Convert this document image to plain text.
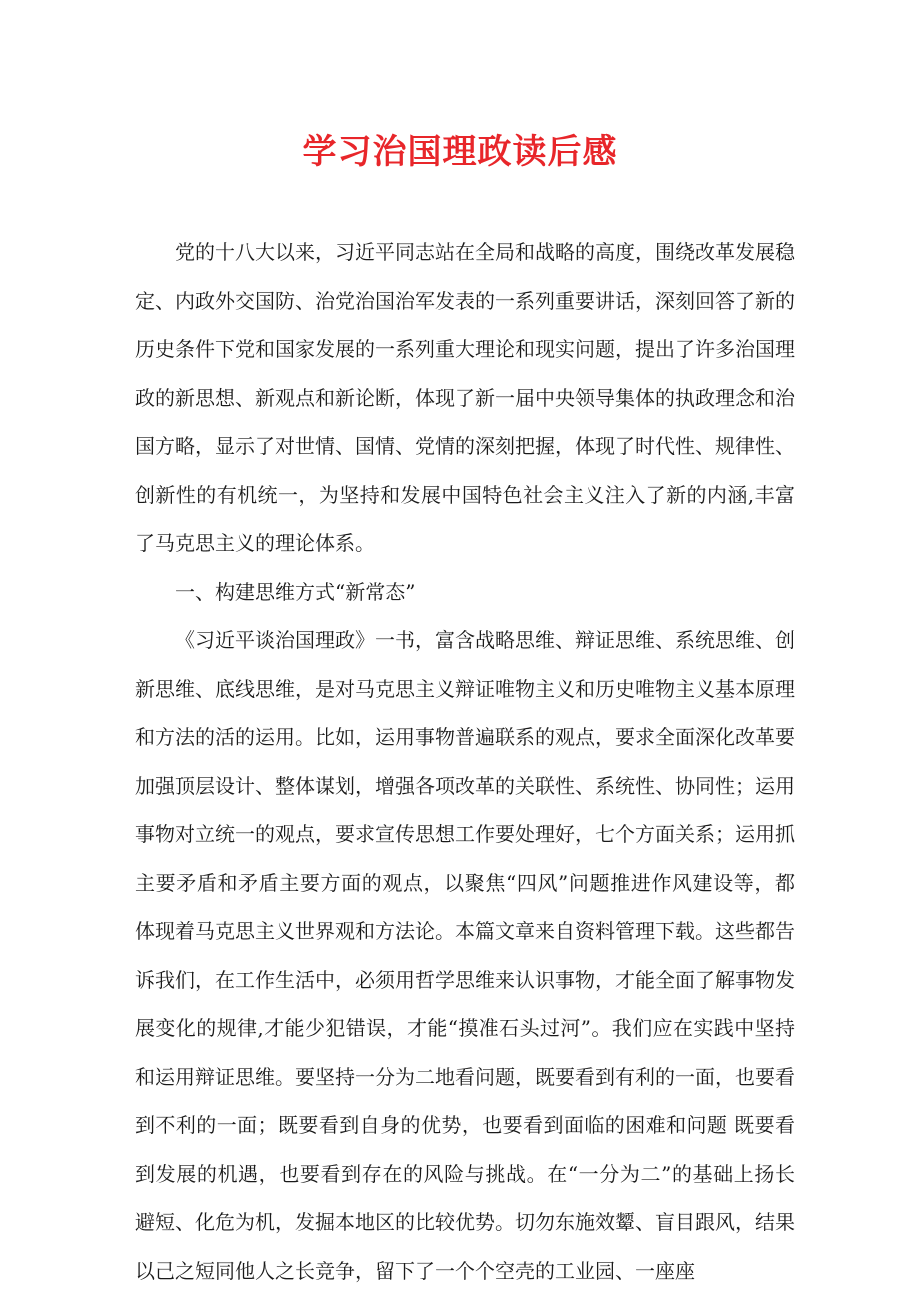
学习治国理政读后感

党的十八大以来，习近平同志站在全局和战略的高度，围绕改革发展稳定、内政外交国防、治党治国治军发表的一系列重要讲话，深刻回答了新的历史条件下党和国家发展的一系列重大理论和现实问题，提出了许多治国理政的新思想、新观点和新论断，体现了新一届中央领导集体的执政理念和治国方略，显示了对世情、国情、党情的深刻把握，体现了时代性、规律性、创新性的有机统一，为坚持和发展中国特色社会主义注入了新的内涵,丰富了马克思主义的理论体系。

一、构建思维方式“新常态”

《习近平谈治国理政》一书，富含战略思维、辩证思维、系统思维、创新思维、底线思维，是对马克思主义辩证唯物主义和历史唯物主义基本原理和方法的活的运用。比如，运用事物普遍联系的观点，要求全面深化改革要加强顶层设计、整体谋划，增强各项改革的关联性、系统性、协同性；运用事物对立统一的观点，要求宣传思想工作要处理好，七个方面关系；运用抓主要矛盾和矛盾主要方面的观点，以聚焦“四风”问题推进作风建设等，都体现着马克思主义世界观和方法论。本篇文章来自资料管理下载。这些都告诉我们，在工作生活中，必须用哲学思维来认识事物，才能全面了解事物发展变化的规律,才能少犯错误，才能“摸准石头过河”。我们应在实践中坚持和运用辩证思维。要坚持一分为二地看问题，既要看到有利的一面，也要看到不利的一面；既要看到自身的优势，也要看到面临的困难和问题 既要看到发展的机遇，也要看到存在的风险与挑战。在“一分为二”的基础上扬长避短、化危为机，发掘本地区的比较优势。切勿东施效颦、盲目跟风，结果以己之短同他人之长竞争，留下了一个个空壳的工业园、一座座
